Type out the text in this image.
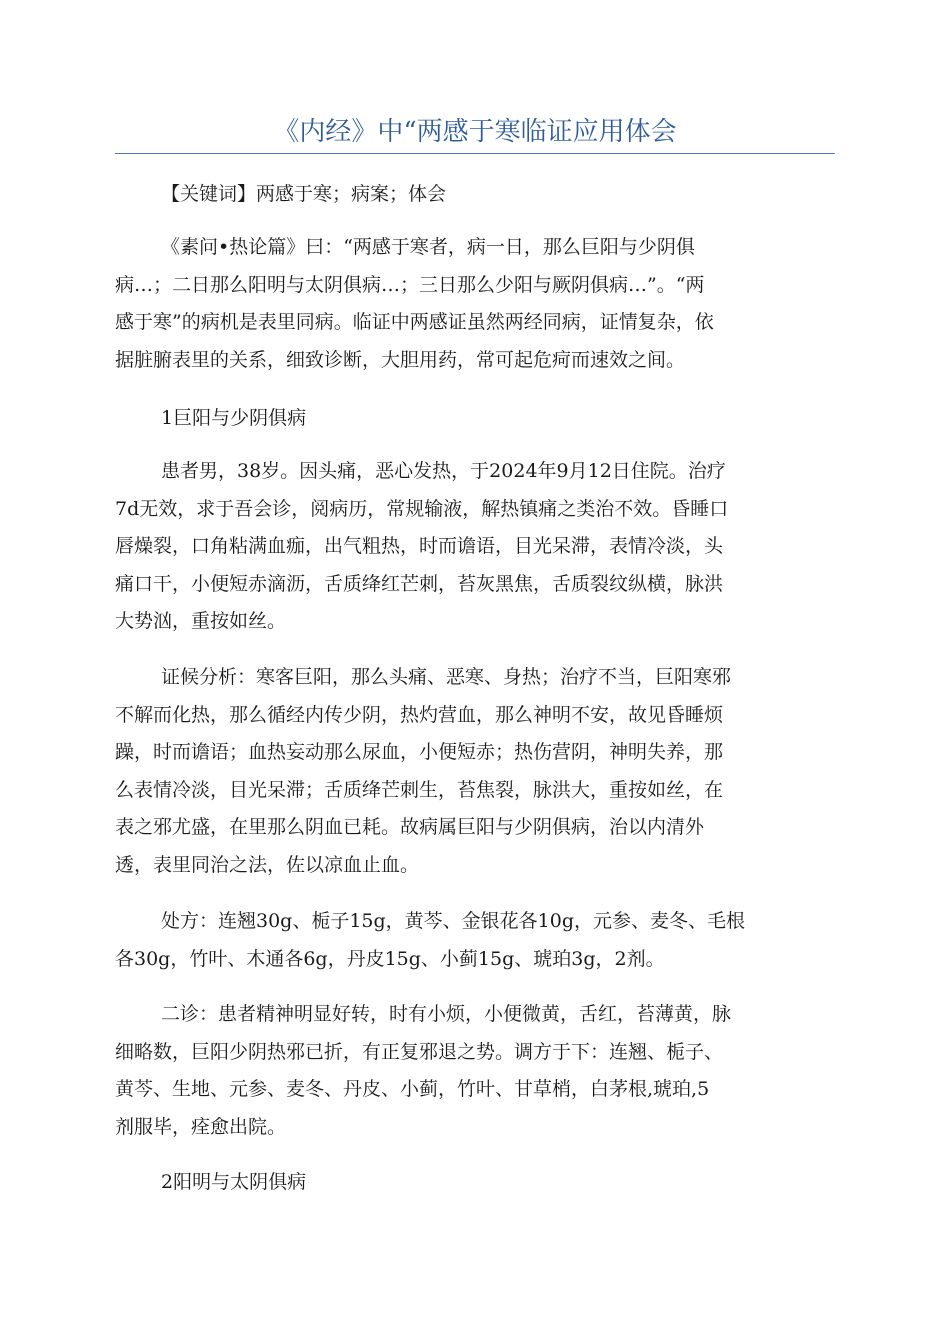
《内经》中“两感于寒临证应用体会

【关键词】两感于寒；病案；体会

《素问•热论篇》曰：“两感于寒者，病一日，那么巨阳与少阴俱
病…；二日那么阳明与太阴俱病…；三日那么少阳与厥阴俱病…”。“两
感于寒”的病机是表里同病。临证中两感证虽然两经同病，证情复杂，依
据脏腑表里的关系，细致诊断，大胆用药，常可起危疴而速效之间。

1巨阳与少阴俱病

患者男，38岁。因头痛，恶心发热，于2024年9月12日住院。治疗
7d无效，求于吾会诊，阅病历，常规输液，解热镇痛之类治不效。昏睡口
唇燥裂，口角粘满血痂，出气粗热，时而谵语，目光呆滞，表情冷淡，头
痛口干，小便短赤滴沥，舌质绛红芒刺，苔灰黑焦，舌质裂纹纵横，脉洪
大势汹，重按如丝。

证候分析：寒客巨阳，那么头痛、恶寒、身热；治疗不当，巨阳寒邪
不解而化热，那么循经内传少阴，热灼营血，那么神明不安，故见昏睡烦
躁，时而谵语；血热妄动那么尿血，小便短赤；热伤营阴，神明失养，那
么表情冷淡，目光呆滞；舌质绛芒刺生，苔焦裂，脉洪大，重按如丝，在
表之邪尤盛，在里那么阴血已耗。故病属巨阳与少阴俱病，治以内清外
透，表里同治之法，佐以凉血止血。

处方：连翘30g、栀子15g，黄芩、金银花各10g，元参、麦冬、毛根
各30g，竹叶、木通各6g，丹皮15g、小蓟15g、琥珀3g，2剂。

二诊：患者精神明显好转，时有小烦，小便微黄，舌红，苔薄黄，脉
细略数，巨阳少阴热邪已折，有正复邪退之势。调方于下：连翘、栀子、
黄芩、生地、元参、麦冬、丹皮、小蓟，竹叶、甘草梢，白茅根,琥珀,5
剂服毕，痊愈出院。

2阳明与太阴俱病
